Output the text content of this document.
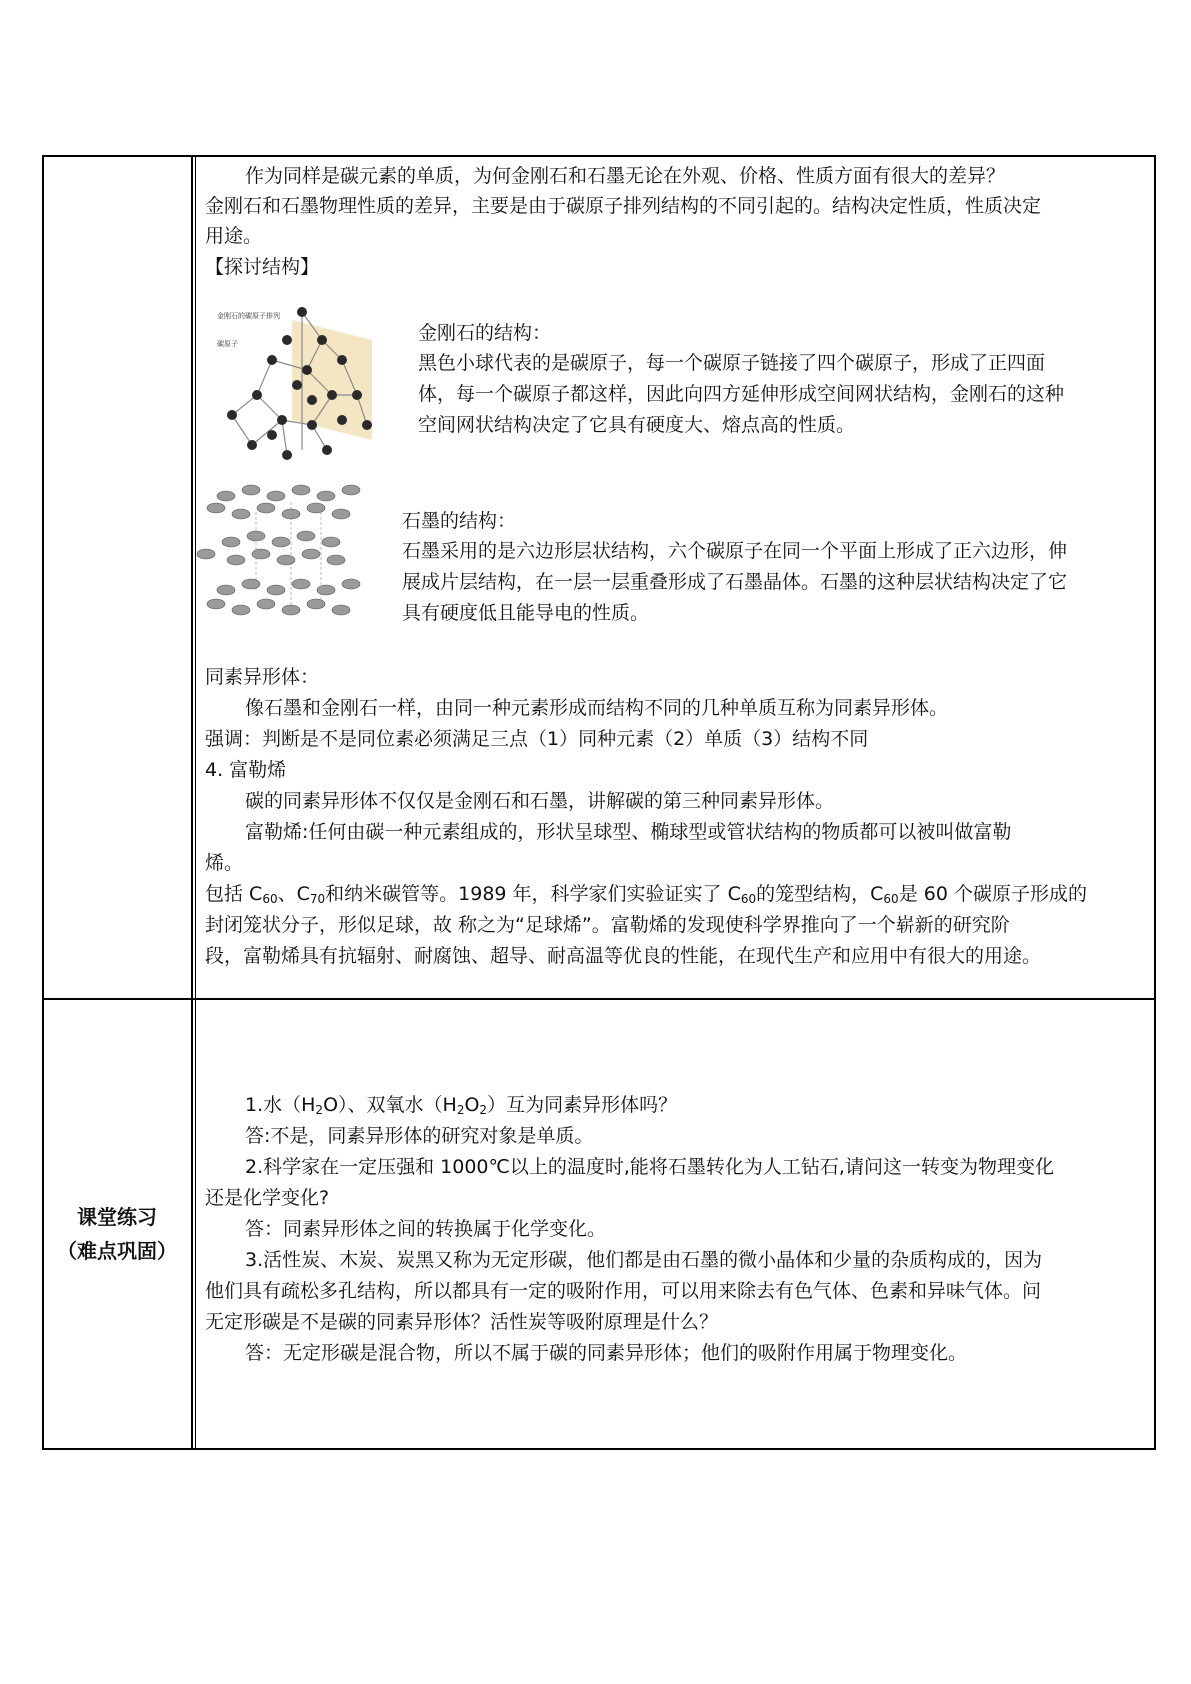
作为同样是碳元素的单质，为何金刚石和石墨无论在外观、价格、性质方面有很大的差异？
金刚石和石墨物理性质的差异，主要是由于碳原子排列结构的不同引起的。结构决定性质，性质决定
用途。
【探讨结构】
金刚石的碳原子排列
碳原子	金刚石的结构：
黑色小球代表的是碳原子，每一个碳原子链接了四个碳原子，形成了正四面
体，每一个碳原子都这样，因此向四方延伸形成空间网状结构，金刚石的这种
空间网状结构决定了它具有硬度大、熔点高的性质。
石墨的结构：
石墨采用的是六边形层状结构，六个碳原子在同一个平面上形成了正六边形，伸
展成片层结构，在一层一层重叠形成了石墨晶体。石墨的这种层状结构决定了它
具有硬度低且能导电的性质。
同素异形体：
像石墨和金刚石一样，由同一种元素形成而结构不同的几种单质互称为同素异形体。
强调：判断是不是同位素必须满足三点（1）同种元素（2）单质（3）结构不同
4. 富勒烯
碳的同素异形体不仅仅是金刚石和石墨，讲解碳的第三种同素异形体。
富勒烯:任何由碳一种元素组成的，形状呈球型、椭球型或管状结构的物质都可以被叫做富勒
烯。
包括 $C_{60}$、$C_{70}$和纳米碳管等。1989 年，科学家们实验证实了 $C_{60}$的笼型结构，$C_{60}$是 60 个碳原子形成的
封闭笼状分子，形似足球，故 称之为“足球烯”。富勒烯的发现使科学界推向了一个崭新的研究阶
段，富勒烯具有抗辐射、耐腐蚀、超导、耐高温等优良的性能，在现代生产和应用中有很大的用途。
课堂练习
（难点巩固）
1.水$(H_2O)$、双氧水$(H_2O_2)$互为同素异形体吗？
答:不是，同素异形体的研究对象是单质。
2.科学家在一定压强和 1000℃以上的温度时,能将石墨转化为人工钻石,请问这一转变为物理变化
还是化学变化?
答：同素异形体之间的转换属于化学变化。
3.活性炭、木炭、炭黑又称为无定形碳，他们都是由石墨的微小晶体和少量的杂质构成的，因为
他们具有疏松多孔结构，所以都具有一定的吸附作用，可以用来除去有色气体、色素和异味气体。问
无定形碳是不是碳的同素异形体？活性炭等吸附原理是什么？
答：无定形碳是混合物，所以不属于碳的同素异形体；他们的吸附作用属于物理变化。
